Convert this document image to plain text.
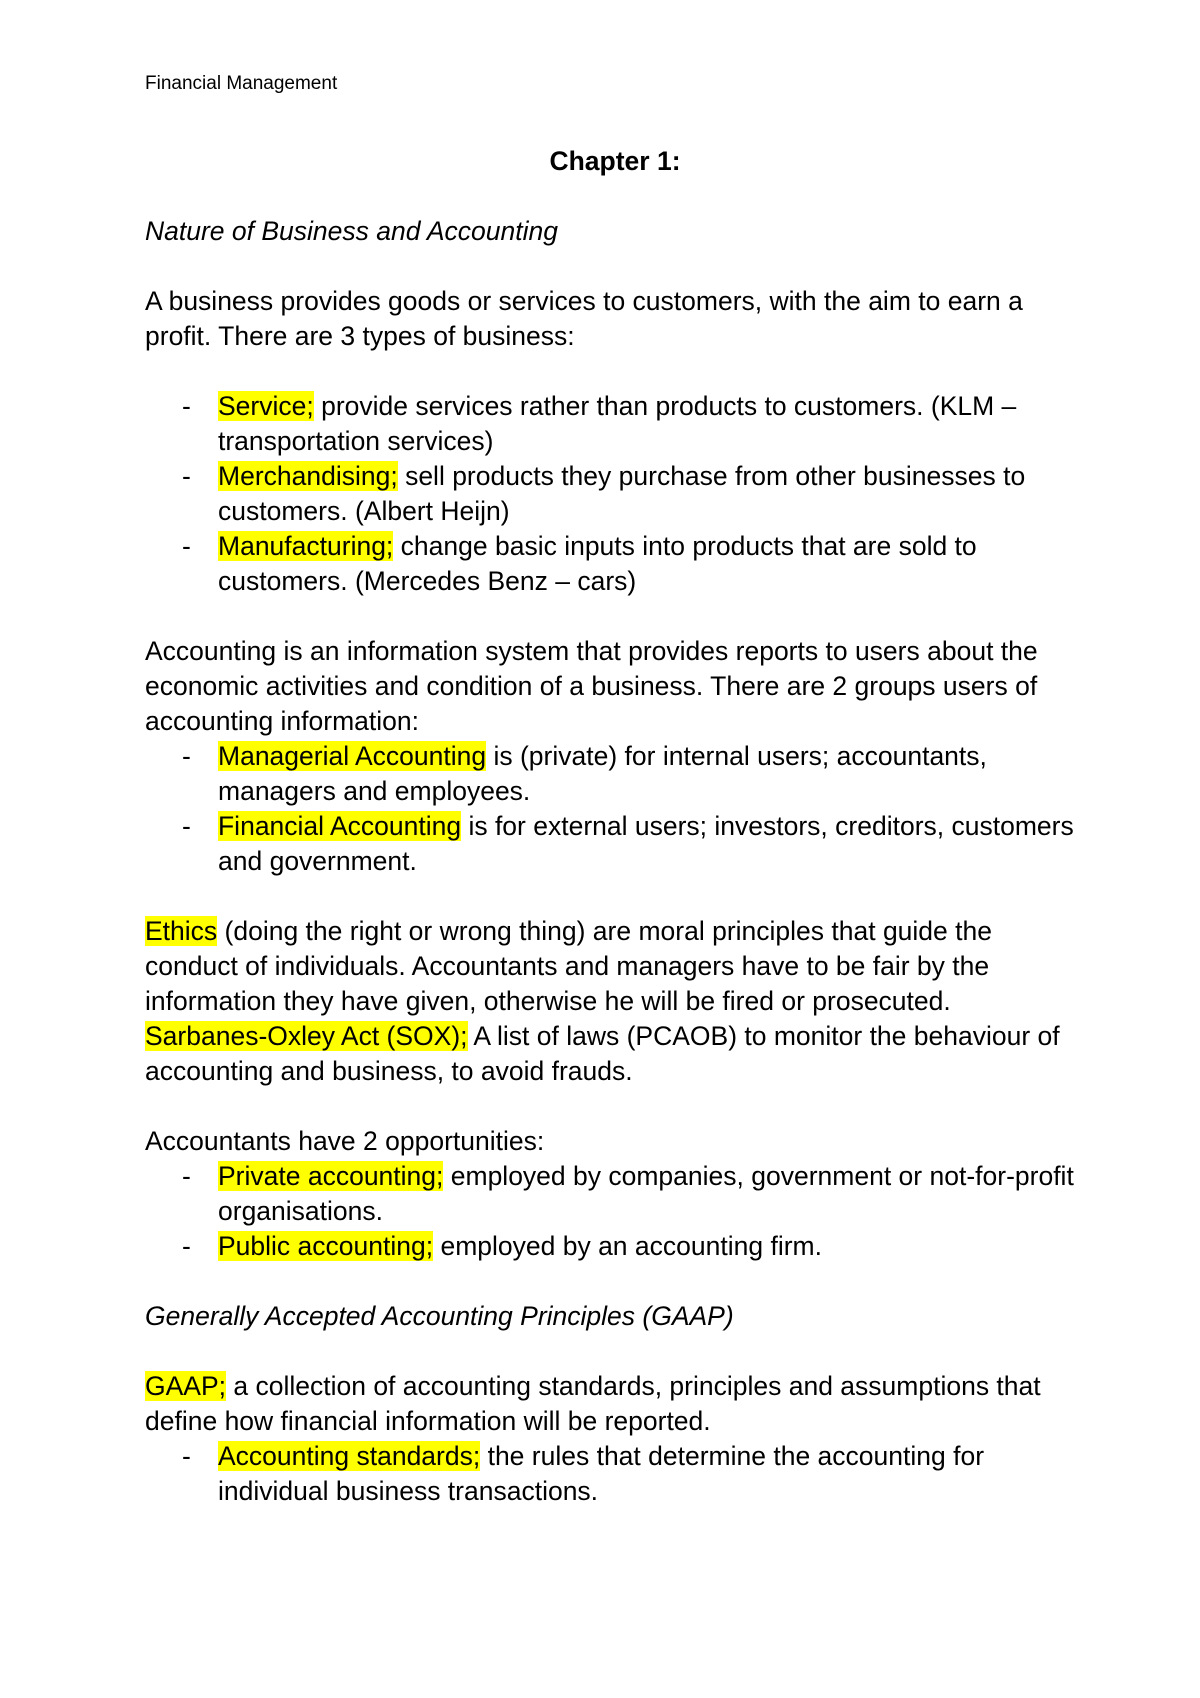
Financial Management
Chapter 1:

Nature of Business and Accounting

A business provides goods or services to customers, with the aim to earn a profit. There are 3 types of business:

- Service; provide services rather than products to customers. (KLM – transportation services)
- Merchandising; sell products they purchase from other businesses to customers. (Albert Heijn)
- Manufacturing; change basic inputs into products that are sold to customers. (Mercedes Benz – cars)

Accounting is an information system that provides reports to users about the economic activities and condition of a business. There are 2 groups users of accounting information:

- Managerial Accounting is (private) for internal users; accountants, managers and employees.
- Financial Accounting is for external users; investors, creditors, customers and government.

Ethics (doing the right or wrong thing) are moral principles that guide the conduct of individuals. Accountants and managers have to be fair by the information they have given, otherwise he will be fired or prosecuted.

Sarbanes-Oxley Act (SOX); A list of laws (PCAOB) to monitor the behaviour of accounting and business, to avoid frauds.

Accountants have 2 opportunities:

- Private accounting; employed by companies, government or not-for-profit organisations.
- Public accounting; employed by an accounting firm.

Generally Accepted Accounting Principles (GAAP)

GAAP; a collection of accounting standards, principles and assumptions that define how financial information will be reported.

- Accounting standards; the rules that determine the accounting for individual business transactions.
